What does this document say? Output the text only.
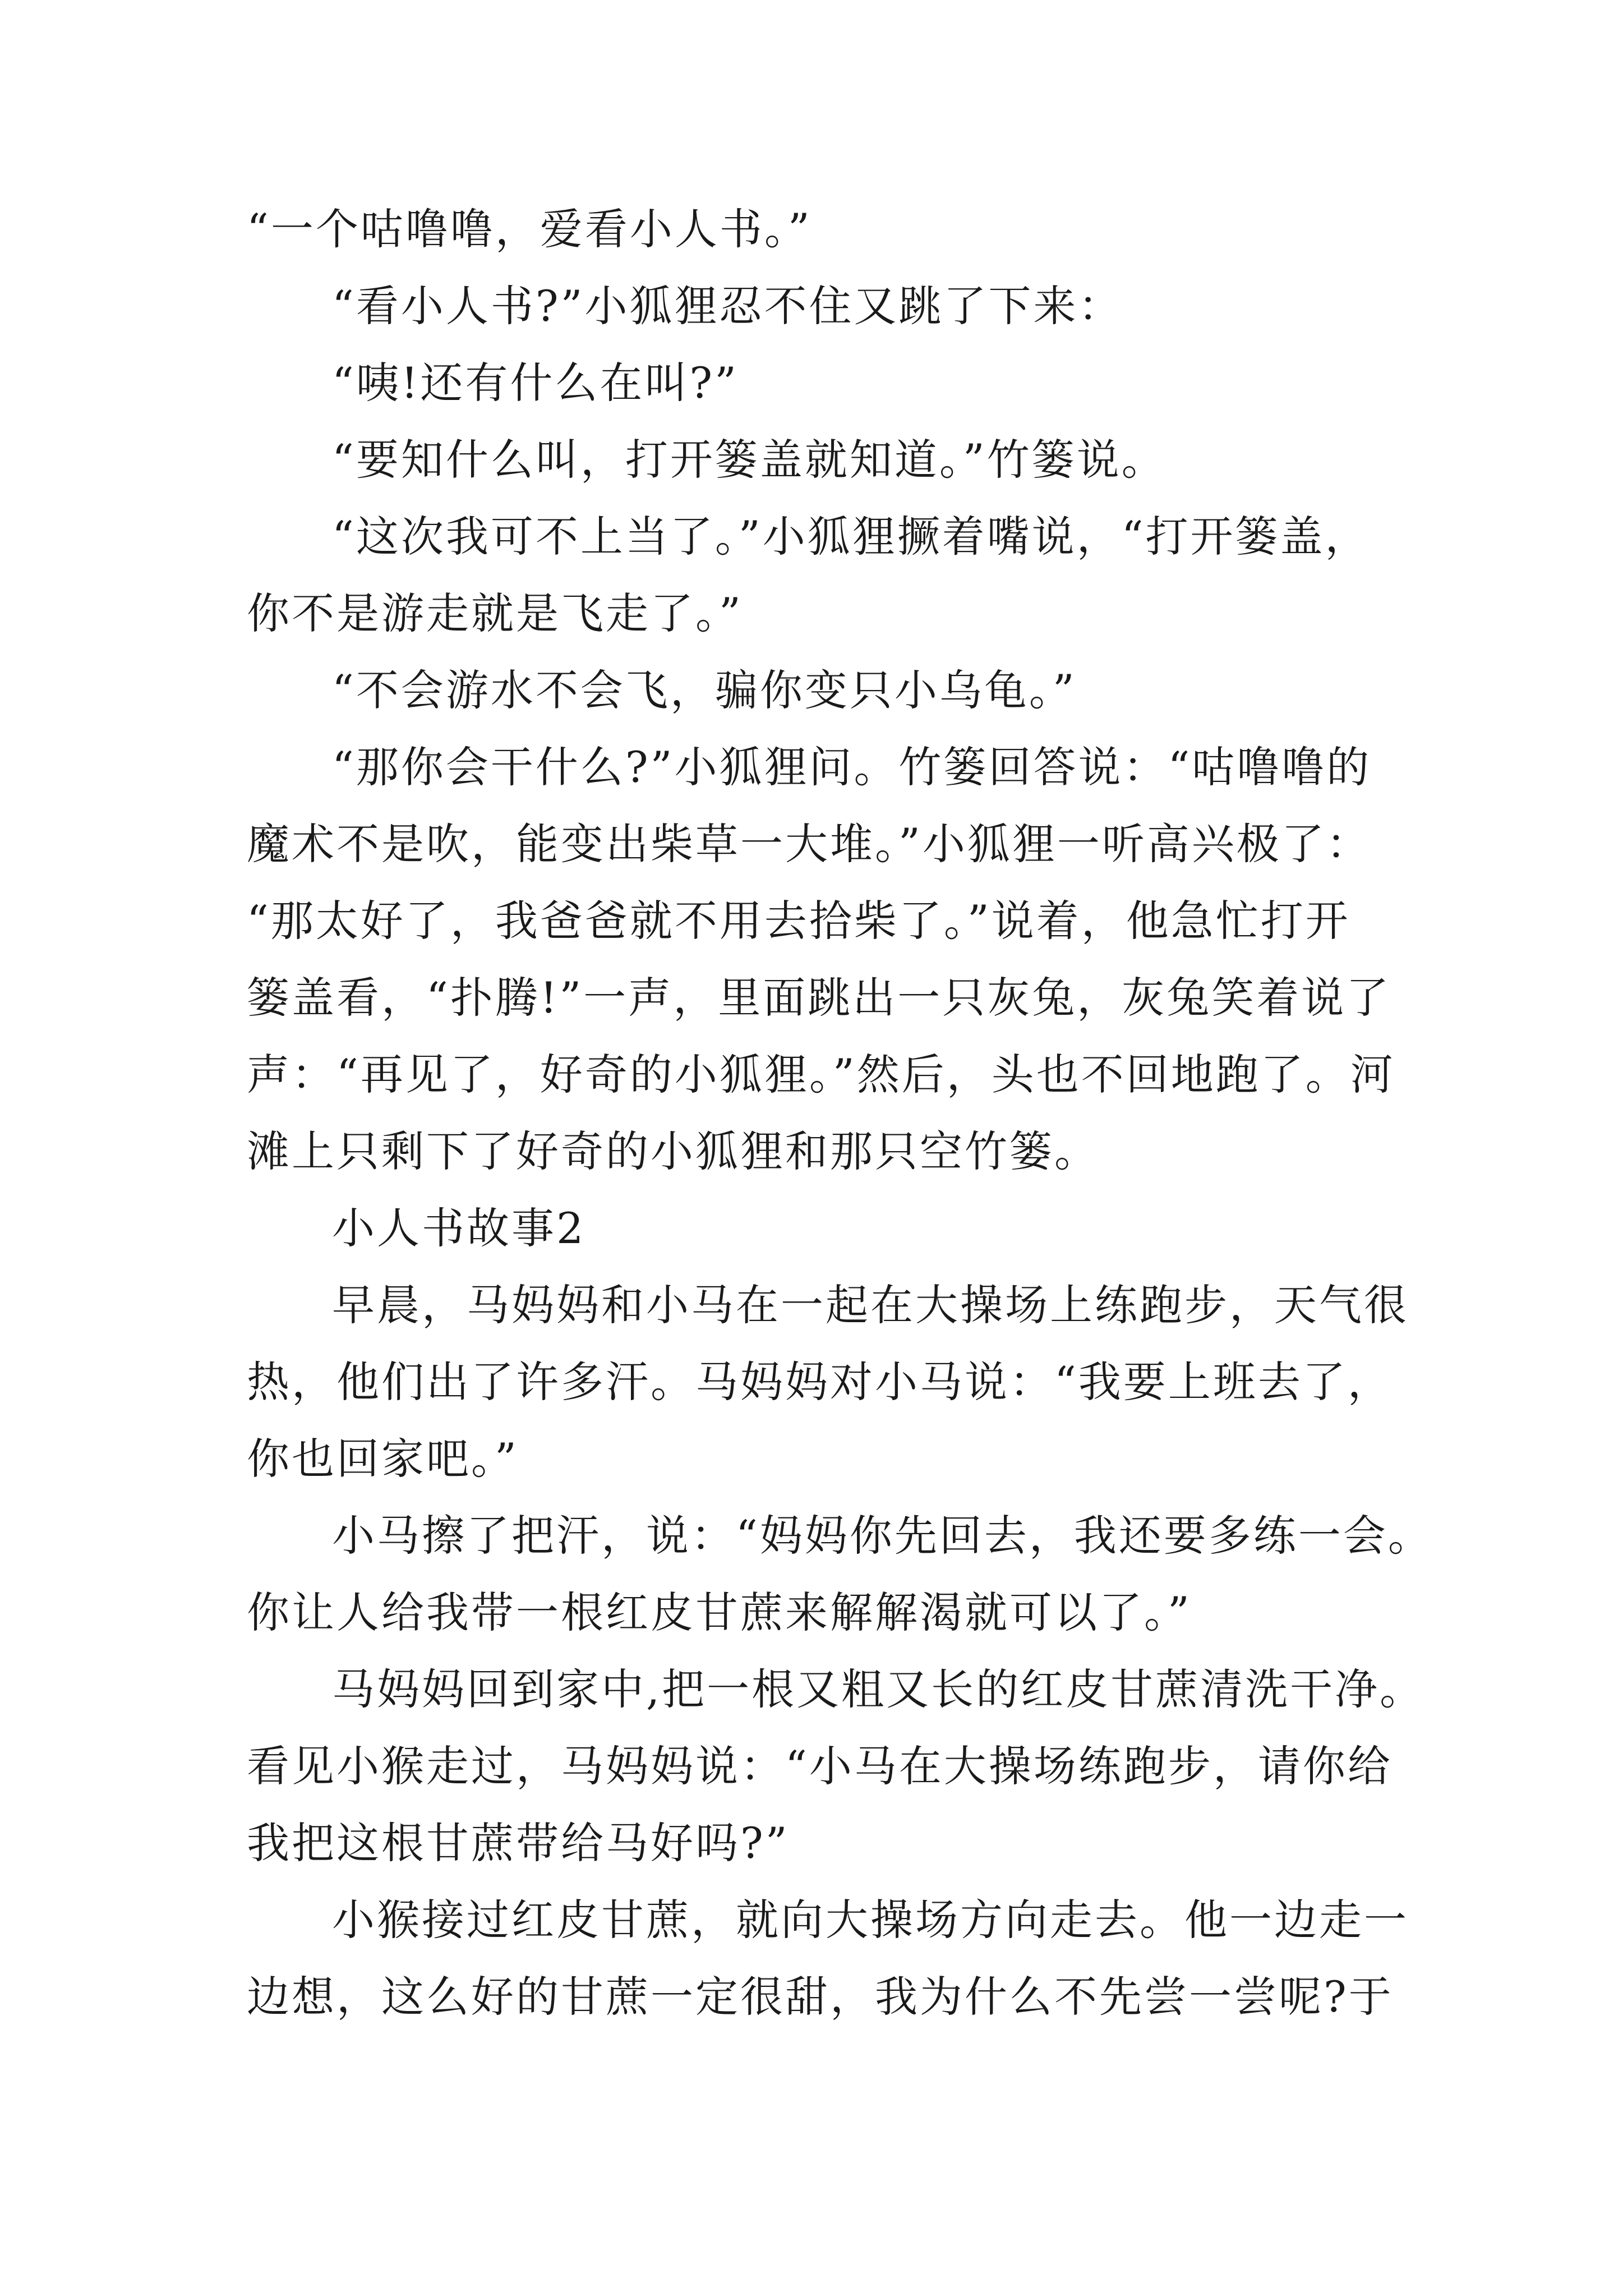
“一个咕噜噜，爱看小人书。”

“看小人书?”小狐狸忍不住又跳了下来：

“咦!还有什么在叫?”

“要知什么叫，打开篓盖就知道。”竹篓说。

“这次我可不上当了。”小狐狸撅着嘴说，“打开篓盖，
你不是游走就是飞走了。”

“不会游水不会飞，骗你变只小乌龟。”

“那你会干什么?”小狐狸问。竹篓回答说：“咕噜噜的
魔术不是吹，能变出柴草一大堆。”小狐狸一听高兴极了：
“那太好了，我爸爸就不用去拾柴了。”说着，他急忙打开
篓盖看，“扑腾!”一声，里面跳出一只灰兔，灰兔笑着说了
声：“再见了，好奇的小狐狸。”然后，头也不回地跑了。河
滩上只剩下了好奇的小狐狸和那只空竹篓。

小人书故事2

早晨，马妈妈和小马在一起在大操场上练跑步，天气很
热，他们出了许多汗。马妈妈对小马说：“我要上班去了，
你也回家吧。”

小马擦了把汗，说：“妈妈你先回去，我还要多练一会。
你让人给我带一根红皮甘蔗来解解渴就可以了。”

马妈妈回到家中,把一根又粗又长的红皮甘蔗清洗干净。
看见小猴走过，马妈妈说：“小马在大操场练跑步，请你给
我把这根甘蔗带给马好吗?”

小猴接过红皮甘蔗，就向大操场方向走去。他一边走一
边想，这么好的甘蔗一定很甜，我为什么不先尝一尝呢?于
